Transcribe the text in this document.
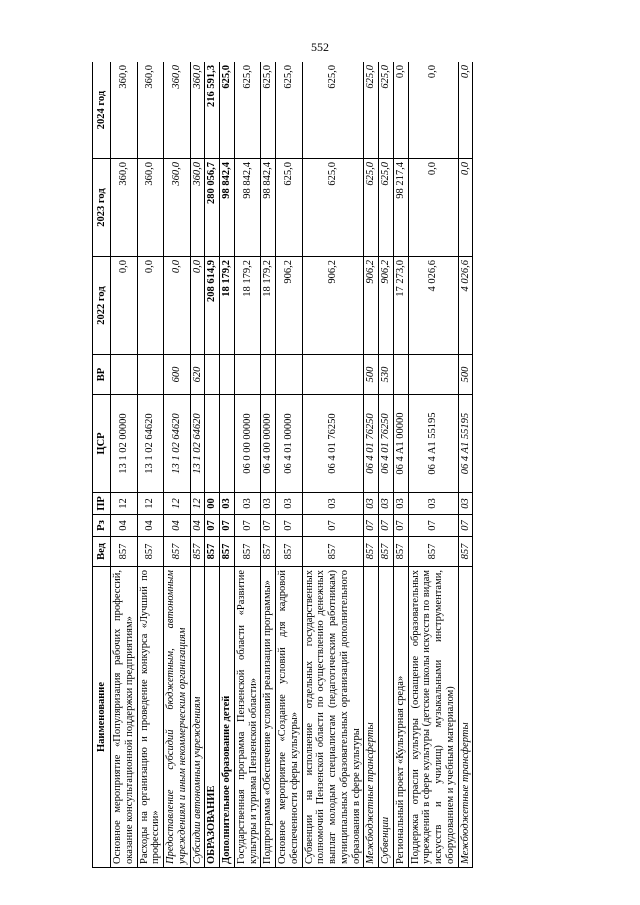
552
Наименование	Вед	Рз	ПР	ЦСР	ВР	2022 год	2023 год	2024 год
Основное мероприятие «Популяризация рабочих профессий, оказание консультационной поддержки предприятиям»	857	04	12	13 1 02 00000		0,0	360,0	360,0
Расходы на организацию и проведение конкурса «Лучший по профессии»	857	04	12	13 1 02 64620		0,0	360,0	360,0
Предоставление субсидий бюджетным, автономным учреждениям и иным некоммерческим организациям	857	04	12	13 1 02 64620	600	0,0	360,0	360,0
Субсидии автономным учреждениям	857	04	12	13 1 02 64620	620	0,0	360,0	360,0
ОБРАЗОВАНИЕ	857	07	00			208 614,9	280 056,7	216 591,3
Дополнительное образование детей	857	07	03			18 179,2	98 842,4	625,0
Государственная программа Пензенской области «Развитие культуры и туризма Пензенской области»	857	07	03	06 0 00 00000		18 179,2	98 842,4	625,0
Подпрограмма «Обеспечение условий реализации программы»	857	07	03	06 4 00 00000		18 179,2	98 842,4	625,0
Основное мероприятие «Создание условий для кадровой обеспеченности сферы культуры»	857	07	03	06 4 01 00000		906,2	625,0	625,0
Субвенции на исполнение отдельных государственных полномочий Пензенской области по осуществлению денежных выплат молодым специалистам (педагогическим работникам) муниципальных образовательных организаций дополнительного образования в сфере культуры	857	07	03	06 4 01 76250		906,2	625,0	625,0
Межбюджетные трансферты	857	07	03	06 4 01 76250	500	906,2	625,0	625,0
Субвенции	857	07	03	06 4 01 76250	530	906,2	625,0	625,0
Региональный проект «Культурная среда»	857	07	03	06 4 A1 00000		17 273,0	98 217,4	0,0
Поддержка отрасли культуры (оснащение образовательных учреждений в сфере культуры (детские школы искусств по видам искусств и училищ) музыкальными инструментами, оборудованием и учебным материалом)	857	07	03	06 4 A1 55195		4 026,6	0,0	0,0
Межбюджетные трансферты	857	07	03	06 4 A1 55195	500	4 026,6	0,0	0,0
